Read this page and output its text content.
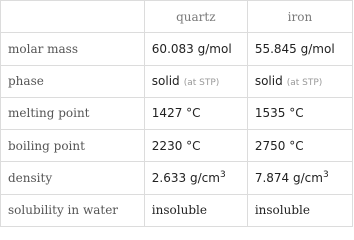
	quartz	iron
molar mass	60.083 g/mol	55.845 g/mol
phase	solid (at STP)	solid (at STP)
melting point	1427 °C	1535 °C
boiling point	2230 °C	2750 °C
density	2.633 $g/cm^3$	7.874 $g/cm^3$
solubility in water	insoluble	insoluble
